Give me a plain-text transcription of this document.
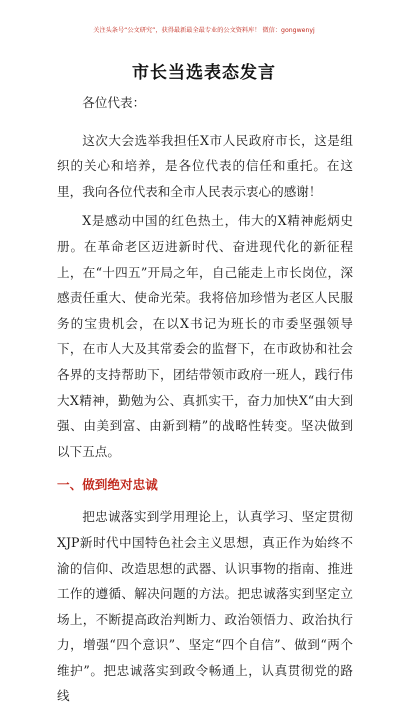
关注头条号“公文研究”，获得最新最全最专业的公文资料库！ 微信：gongwenyj
市长当选表态发言

各位代表：

这次大会选举我担任X市人民政府市长，这是组织的关心和培养，是各位代表的信任和重托。在这里，我向各位代表和全市人民表示衷心的感谢！

X是感动中国的红色热土，伟大的X精神彪炳史册。在革命老区迈进新时代、奋进现代化的新征程上，在“十四五”开局之年，自己能走上市长岗位，深感责任重大、使命光荣。我将倍加珍惜为老区人民服务的宝贵机会，在以X书记为班长的市委坚强领导下，在市人大及其常委会的监督下，在市政协和社会各界的支持帮助下，团结带领市政府一班人，践行伟大X精神，勤勉为公、真抓实干，奋力加快X“由大到强、由美到富、由新到精”的战略性转变。坚决做到以下五点。

一、做到绝对忠诚

把忠诚落实到学用理论上，认真学习、坚定贯彻XJP新时代中国特色社会主义思想，真正作为始终不渝的信仰、改造思想的武器、认识事物的指南、推进工作的遵循、解决问题的方法。把忠诚落实到坚定立场上，不断提高政治判断力、政治领悟力、政治执行力，增强“四个意识”、坚定“四个自信”、做到“两个维护”。把忠诚落实到政令畅通上，认真贯彻党的路线
